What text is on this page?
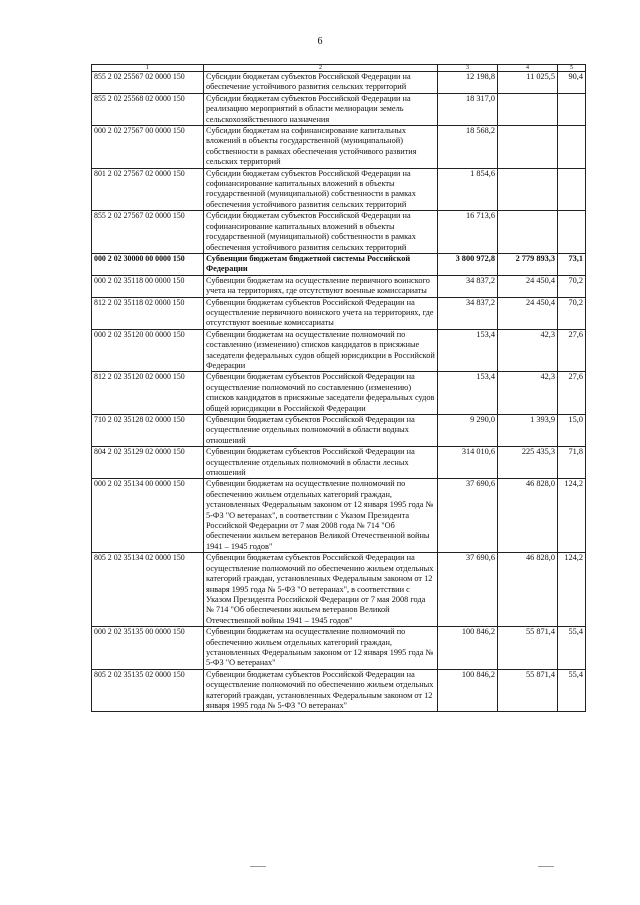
6
1	2	3	4	5
855 2 02 25567 02 0000 150	Субсидии бюджетам субъектов Российской Федерации на обеспечение устойчивого развития сельских территорий	12 198,8	11 025,5	90,4
855 2 02 25568 02 0000 150	Субсидии бюджетам субъектов Российской Федерации на реализацию мероприятий в области мелиорации земель сельскохозяйственного назначения	18 317,0		
000 2 02 27567 00 0000 150	Субсидии бюджетам на софинансирование капитальных вложений в объекты государственной (муниципальной) собственности в рамках обеспечения устойчивого развития сельских территорий	18 568,2		
801 2 02 27567 02 0000 150	Субсидии бюджетам субъектов Российской Федерации на софинансирование капитальных вложений в объекты государственной (муниципальной) собственности в рамках обеспечения устойчивого развития сельских территорий	1 854,6		
855 2 02 27567 02 0000 150	Субсидии бюджетам субъектов Российской Федерации на софинансирование капитальных вложений в объекты государственной (муниципальной) собственности в рамках обеспечения устойчивого развития сельских территорий	16 713,6		
000 2 02 30000 00 0000 150	Субвенции бюджетам бюджетной системы Российской Федерации	3 800 972,8	2 779 893,3	73,1
000 2 02 35118 00 0000 150	Субвенции бюджетам на осуществление первичного воинского учета на территориях, где отсутствуют военные комиссариаты	34 837,2	24 450,4	70,2
812 2 02 35118 02 0000 150	Субвенции бюджетам субъектов Российской Федерации на осуществление первичного воинского учета на территориях, где отсутствуют военные комиссариаты	34 837,2	24 450,4	70,2
000 2 02 35120 00 0000 150	Субвенции бюджетам на осуществление полномочий по составлению (изменению) списков кандидатов в присяжные заседатели федеральных судов общей юрисдикции в Российской Федерации	153,4	42,3	27,6
812 2 02 35120 02 0000 150	Субвенции бюджетам субъектов Российской Федерации на осуществление полномочий по составлению (изменению) списков кандидатов в присяжные заседатели федеральных судов общей юрисдикции в Российской Федерации	153,4	42,3	27,6
710 2 02 35128 02 0000 150	Субвенции бюджетам субъектов Российской Федерации на осуществление отдельных полномочий в области водных отношений	9 290,0	1 393,9	15,0
804 2 02 35129 02 0000 150	Субвенции бюджетам субъектов Российской Федерации на осуществление отдельных полномочий в области лесных отношений	314 010,6	225 435,3	71,8
000 2 02 35134 00 0000 150	Субвенции бюджетам на осуществление полномочий по обеспечению жильем отдельных категорий граждан, установленных Федеральным законом от 12 января 1995 года № 5-ФЗ "О ветеранах", в соответствии с Указом Президента Российской Федерации от 7 мая 2008 года № 714 "Об обеспечении жильем ветеранов Великой Отечественной войны 1941 – 1945 годов"	37 690,6	46 828,0	124,2
805 2 02 35134 02 0000 150	Субвенции бюджетам субъектов Российской Федерации на осуществление полномочий по обеспечению жильем отдельных категорий граждан, установленных Федеральным законом от 12 января 1995 года № 5-ФЗ "О ветеранах", в соответствии с Указом Президента Российской Федерации от 7 мая 2008 года № 714 "Об обеспечении жильем ветеранов Великой Отечественной войны 1941 – 1945 годов"	37 690,6	46 828,0	124,2
000 2 02 35135 00 0000 150	Субвенции бюджетам на осуществление полномочий по обеспечению жильем отдельных категорий граждан, установленных Федеральным законом от 12 января 1995 года № 5-ФЗ "О ветеранах"	100 846,2	55 871,4	55,4
805 2 02 35135 02 0000 150	Субвенции бюджетам субъектов Российской Федерации на осуществление полномочий по обеспечению жильем отдельных категорий граждан, установленных Федеральным законом от 12 января 1995 года № 5-ФЗ "О ветеранах"	100 846,2	55 871,4	55,4
